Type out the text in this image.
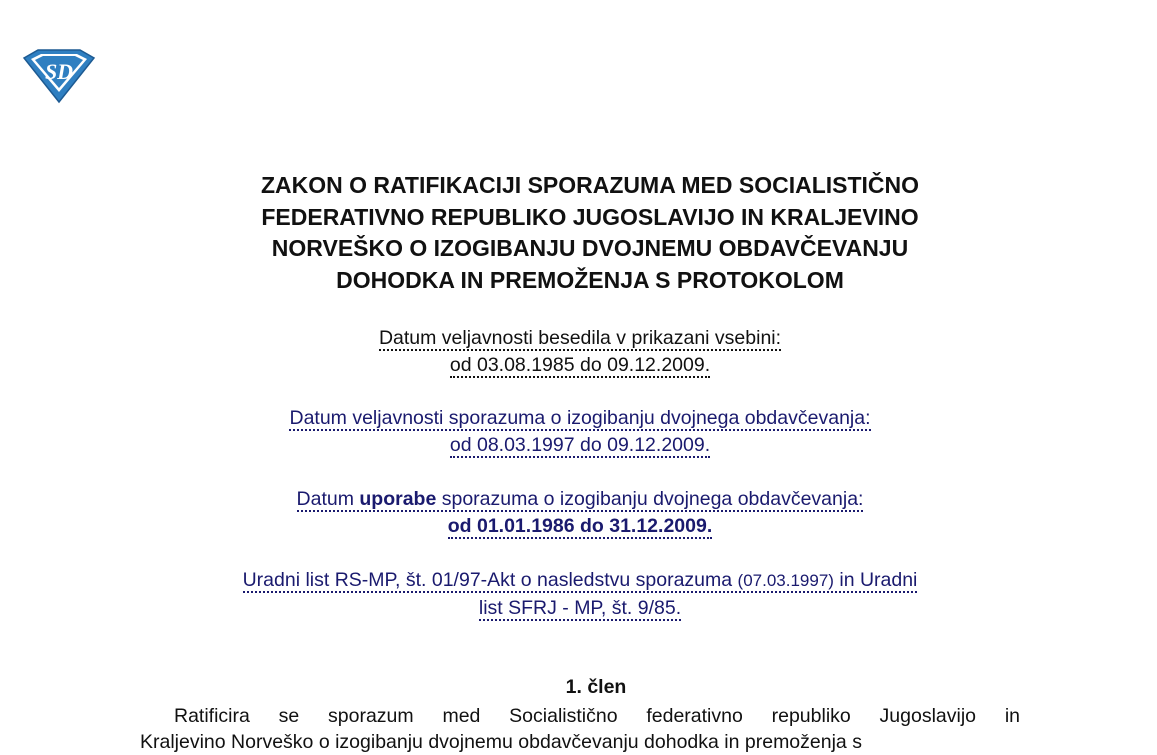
SD
ZAKON O RATIFIKACIJI SPORAZUMA MED SOCIALISTIČNO
FEDERATIVNO REPUBLIKO JUGOSLAVIJO IN KRALJEVINO
NORVEŠKO O IZOGIBANJU DVOJNEMU OBDAVČEVANJU
DOHODKA IN PREMOŽENJA S PROTOKOLOM
Datum veljavnosti besedila v prikazani vsebini:
od 03.08.1985 do 09.12.2009.
Datum veljavnosti sporazuma o izogibanju dvojnega obdavčevanja:
od 08.03.1997 do 09.12.2009.
Datum uporabe sporazuma o izogibanju dvojnega obdavčevanja:
od 01.01.1986 do 31.12.2009.
Uradni list RS-MP, št. 01/97-Akt o nasledstvu sporazuma (07.03.1997) in Uradni
list SFRJ - MP, št. 9/85.
1. člen
Ratificira se sporazum med Socialistično federativno republiko Jugoslavijo in
Kraljevino Norveško o izogibanju dvojnemu obdavčevanju dohodka in premoženja s
